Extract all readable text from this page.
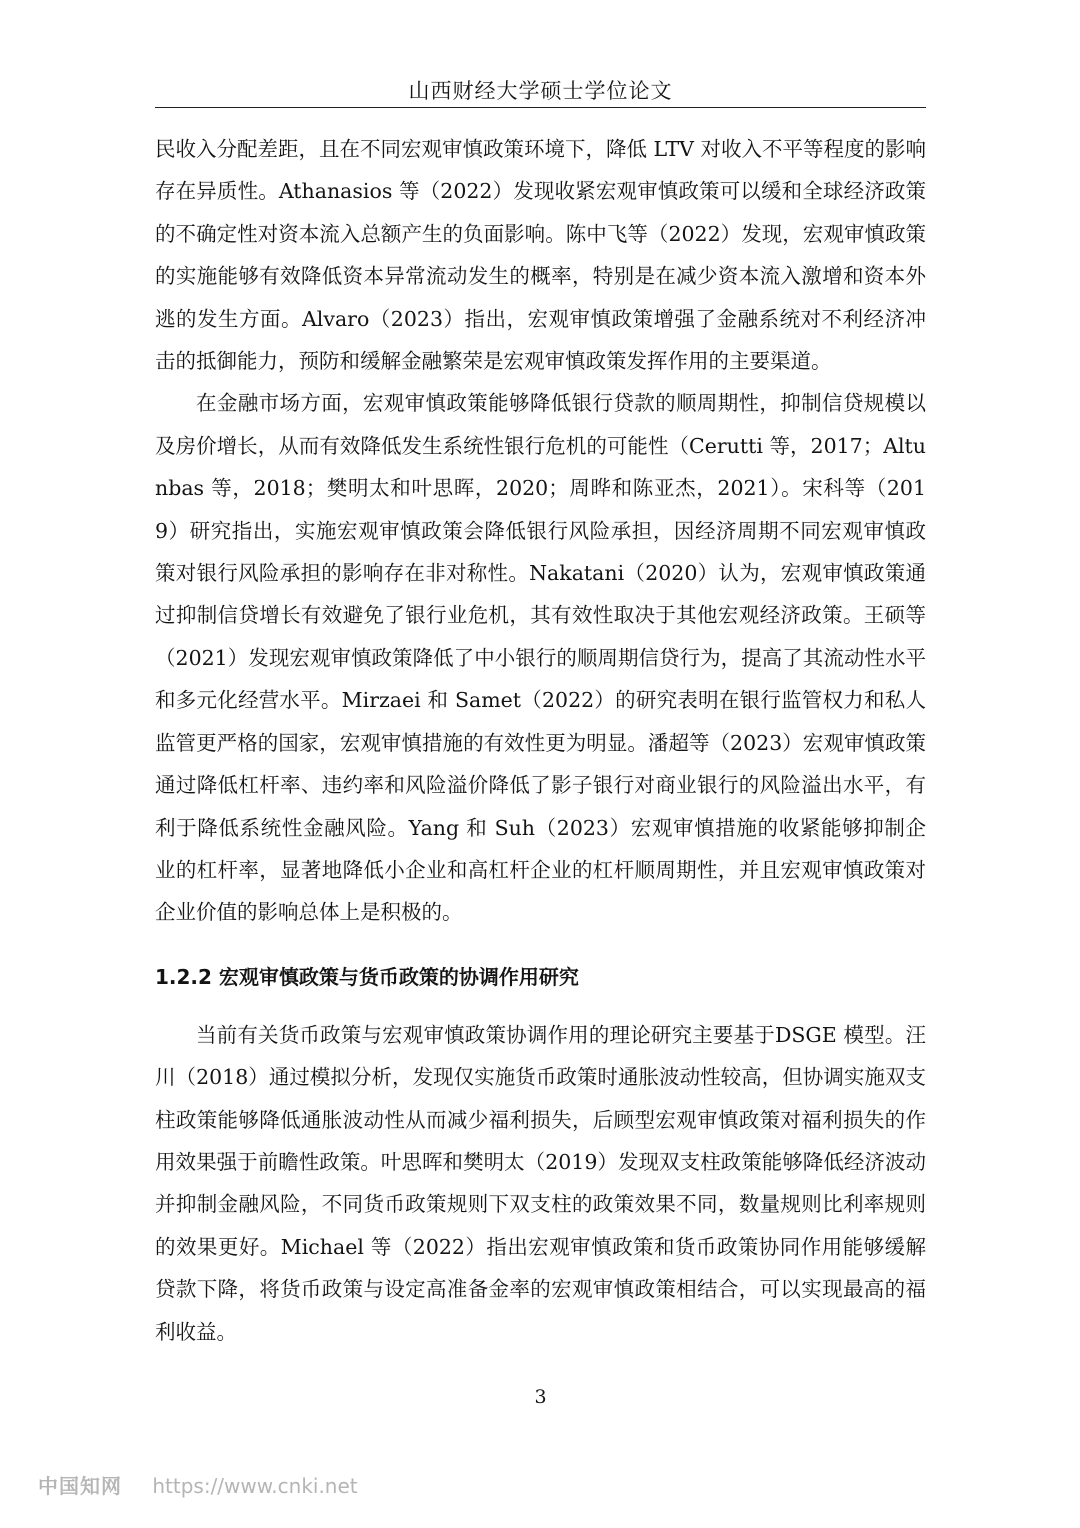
山西财经大学硕士学位论文

民收入分配差距，且在不同宏观审慎政策环境下，降低 LTV 对收入不平等程度的影响存在异质性。Athanasios 等（2022）发现收紧宏观审慎政策可以缓和全球经济政策的不确定性对资本流入总额产生的负面影响。陈中飞等（2022）发现，宏观审慎政策的实施能够有效降低资本异常流动发生的概率，特别是在减少资本流入激增和资本外逃的发生方面。Alvaro（2023）指出，宏观审慎政策增强了金融系统对不利经济冲击的抵御能力，预防和缓解金融繁荣是宏观审慎政策发挥作用的主要渠道。

在金融市场方面，宏观审慎政策能够降低银行贷款的顺周期性，抑制信贷规模以及房价增长，从而有效降低发生系统性银行危机的可能性（Cerutti 等，2017；Altunbas 等，2018；樊明太和叶思晖，2020；周晔和陈亚杰，2021）。宋科等（2019）研究指出，实施宏观审慎政策会降低银行风险承担，因经济周期不同宏观审慎政策对银行风险承担的影响存在非对称性。Nakatani（2020）认为，宏观审慎政策通过抑制信贷增长有效避免了银行业危机，其有效性取决于其他宏观经济政策。王硕等（2021）发现宏观审慎政策降低了中小银行的顺周期信贷行为，提高了其流动性水平和多元化经营水平。Mirzaei 和 Samet（2022）的研究表明在银行监管权力和私人监管更严格的国家，宏观审慎措施的有效性更为明显。潘超等（2023）宏观审慎政策通过降低杠杆率、违约率和风险溢价降低了影子银行对商业银行的风险溢出水平，有利于降低系统性金融风险。Yang 和 Suh（2023）宏观审慎措施的收紧能够抑制企业的杠杆率，显著地降低小企业和高杠杆企业的杠杆顺周期性，并且宏观审慎政策对企业价值的影响总体上是积极的。

1.2.2 宏观审慎政策与货币政策的协调作用研究

当前有关货币政策与宏观审慎政策协调作用的理论研究主要基于DSGE 模型。汪川（2018）通过模拟分析，发现仅实施货币政策时通胀波动性较高，但协调实施双支柱政策能够降低通胀波动性从而减少福利损失，后顾型宏观审慎政策对福利损失的作用效果强于前瞻性政策。叶思晖和樊明太（2019）发现双支柱政策能够降低经济波动并抑制金融风险，不同货币政策规则下双支柱的政策效果不同，数量规则比利率规则的效果更好。Michael 等（2022）指出宏观审慎政策和货币政策协同作用能够缓解贷款下降，将货币政策与设定高准备金率的宏观审慎政策相结合，可以实现最高的福利收益。

3
中国知网 https://www.cnki.net
